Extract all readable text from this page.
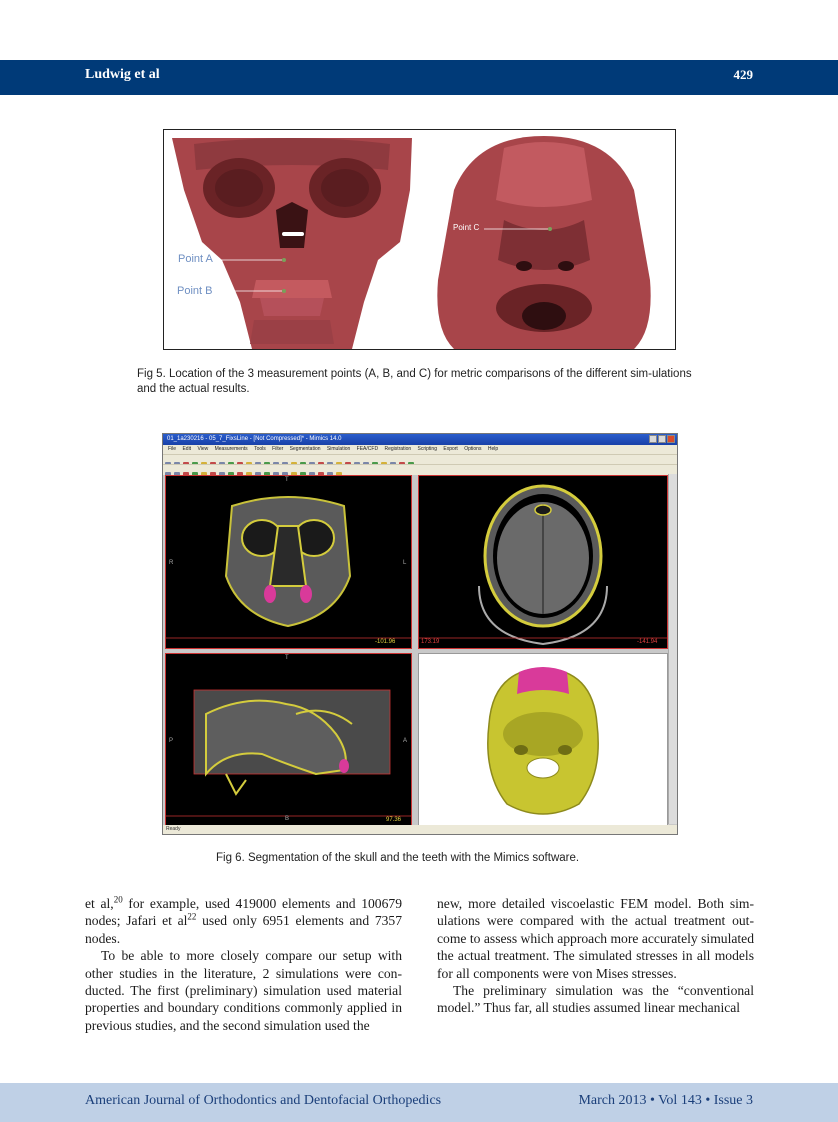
Ludwig et al	429
Point A
Point B
Point C
Fig 5. Location of the 3 measurement points (A, B, and C) for metric comparisons of the different sim-ulations and the actual results.
01_1a230216 - 05_7_FixsLine - [Not Compressed]* - Mimics 14.0
File Edit View Measurements Tools Filter Segmentation Simulation FEA/CFD Registration Scripting Export Options Help
T
R	L
-101.96	173.19	-141.94
T
P	A
B	97.36
Ready
Fig 6. Segmentation of the skull and the teeth with the Mimics software.

et al,$^{20}$ for example, used 419000 elements and 100679 nodes; Jafari et $al^{22}$ used only 6951 elements and 7357 nodes.

To be able to more closely compare our setup with other studies in the literature, 2 simulations were con-ducted. The first (preliminary) simulation used material properties and boundary conditions commonly applied in previous studies, and the second simulation used the

new, more detailed viscoelastic FEM model. Both sim-ulations were compared with the actual treatment out-come to assess which approach more accurately simulated the actual treatment. The simulated stresses in all models for all components were von Mises stresses.

The preliminary simulation was the “conventional model.” Thus far, all studies assumed linear mechanical

American Journal of Orthodontics and Dentofacial Orthopedics	March 2013 • Vol 143 • Issue 3
